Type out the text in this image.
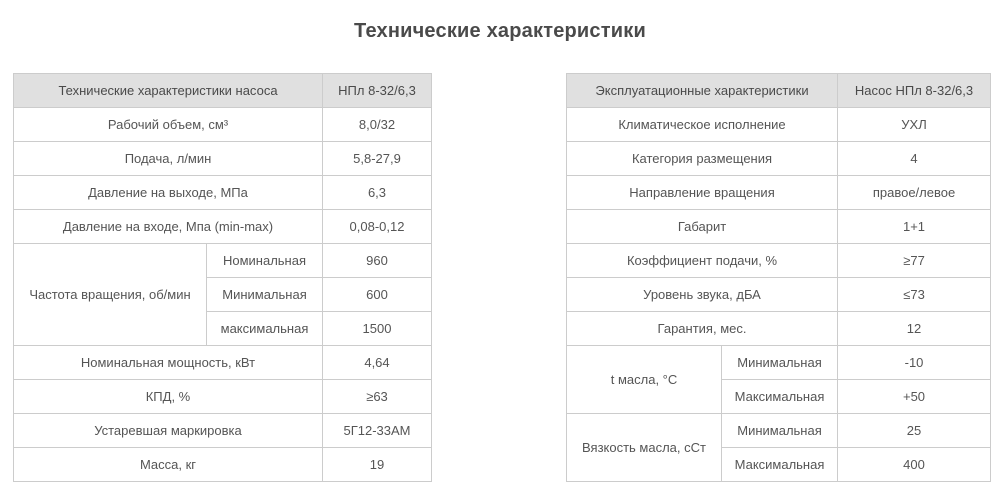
Технические характеристики
Технические характеристики насоса		НПл 8-32/6,3
Рабочий объем, см³		8,0/32
Подача, л/мин		5,8-27,9
Давление на выходе, МПа		6,3
Давление на входе, Мпа (min-max)		0,08-0,12
Частота вращения, об/мин	Номинальная	960
	Минимальная	600
	максимальная	1500
Номинальная мощность, кВт		4,64
КПД, %		≥63
Устаревшая маркировка		5Г12-33АМ
Масса, кг		19
Эксплуатационные характеристики		Насос НПл 8-32/6,3
Климатическое исполнение		УХЛ
Категория размещения		4
Направление вращения		правое/левое
Габарит		1+1
Коэффициент подачи, %		≥77
Уровень звука, дБА		≤73
Гарантия, мес.		12
t масла, °С	Минимальная	-10
	Максимальная	+50
Вязкость масла, сСт	Минимальная	25
	Максимальная	400
